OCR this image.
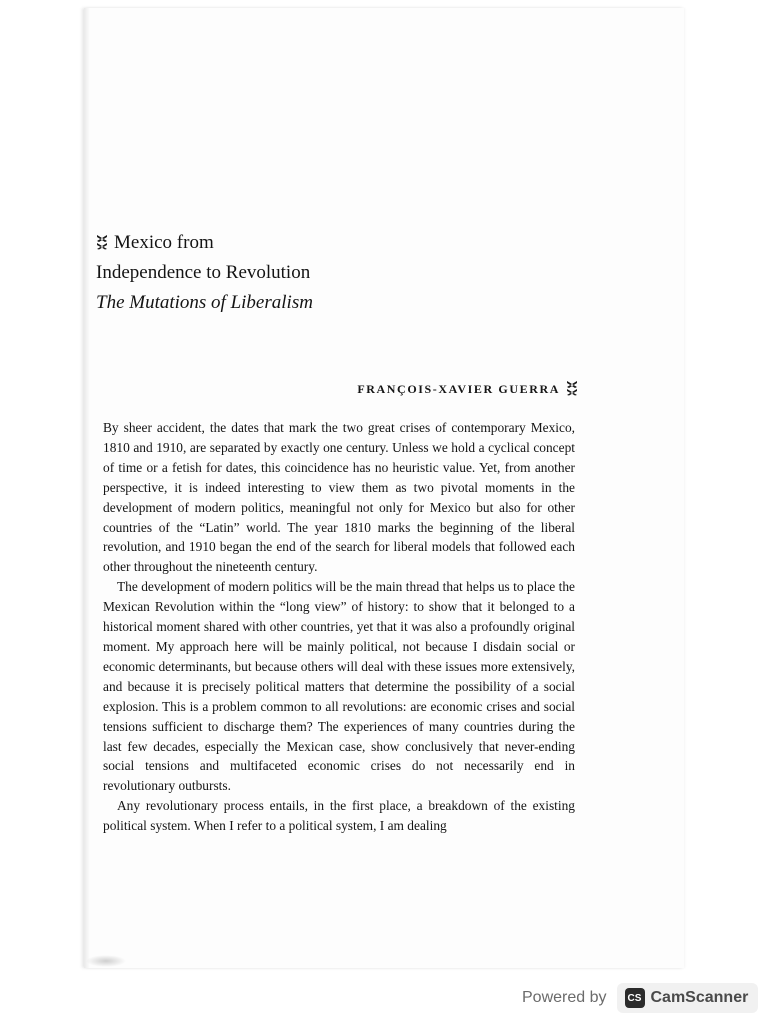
Mexico from
Independence to Revolution
The Mutations of Liberalism
FRANÇOIS-XAVIER GUERRA

By sheer accident, the dates that mark the two great crises of contemporary Mexico, 1810 and 1910, are separated by exactly one century. Unless we hold a cyclical concept of time or a fetish for dates, this coincidence has no heuristic value. Yet, from another perspective, it is indeed interesting to view them as two pivotal moments in the development of modern politics, meaningful not only for Mexico but also for other countries of the “Latin” world. The year 1810 marks the beginning of the liberal revolution, and 1910 began the end of the search for liberal models that followed each other throughout the nineteenth century.

The development of modern politics will be the main thread that helps us to place the Mexican Revolution within the “long view” of history: to show that it belonged to a historical moment shared with other countries, yet that it was also a profoundly original moment. My approach here will be mainly political, not because I disdain social or economic determinants, but because others will deal with these issues more extensively, and because it is precisely political matters that determine the possibility of a social explosion. This is a problem common to all revolutions: are economic crises and social tensions sufficient to discharge them? The experiences of many countries during the last few decades, especially the Mexican case, show conclusively that never-ending social tensions and multifaceted economic crises do not necessarily end in revolutionary outbursts.

Any revolutionary process entails, in the first place, a breakdown of the existing political system. When I refer to a political system, I am dealing

Powered by	CS CamScanner
